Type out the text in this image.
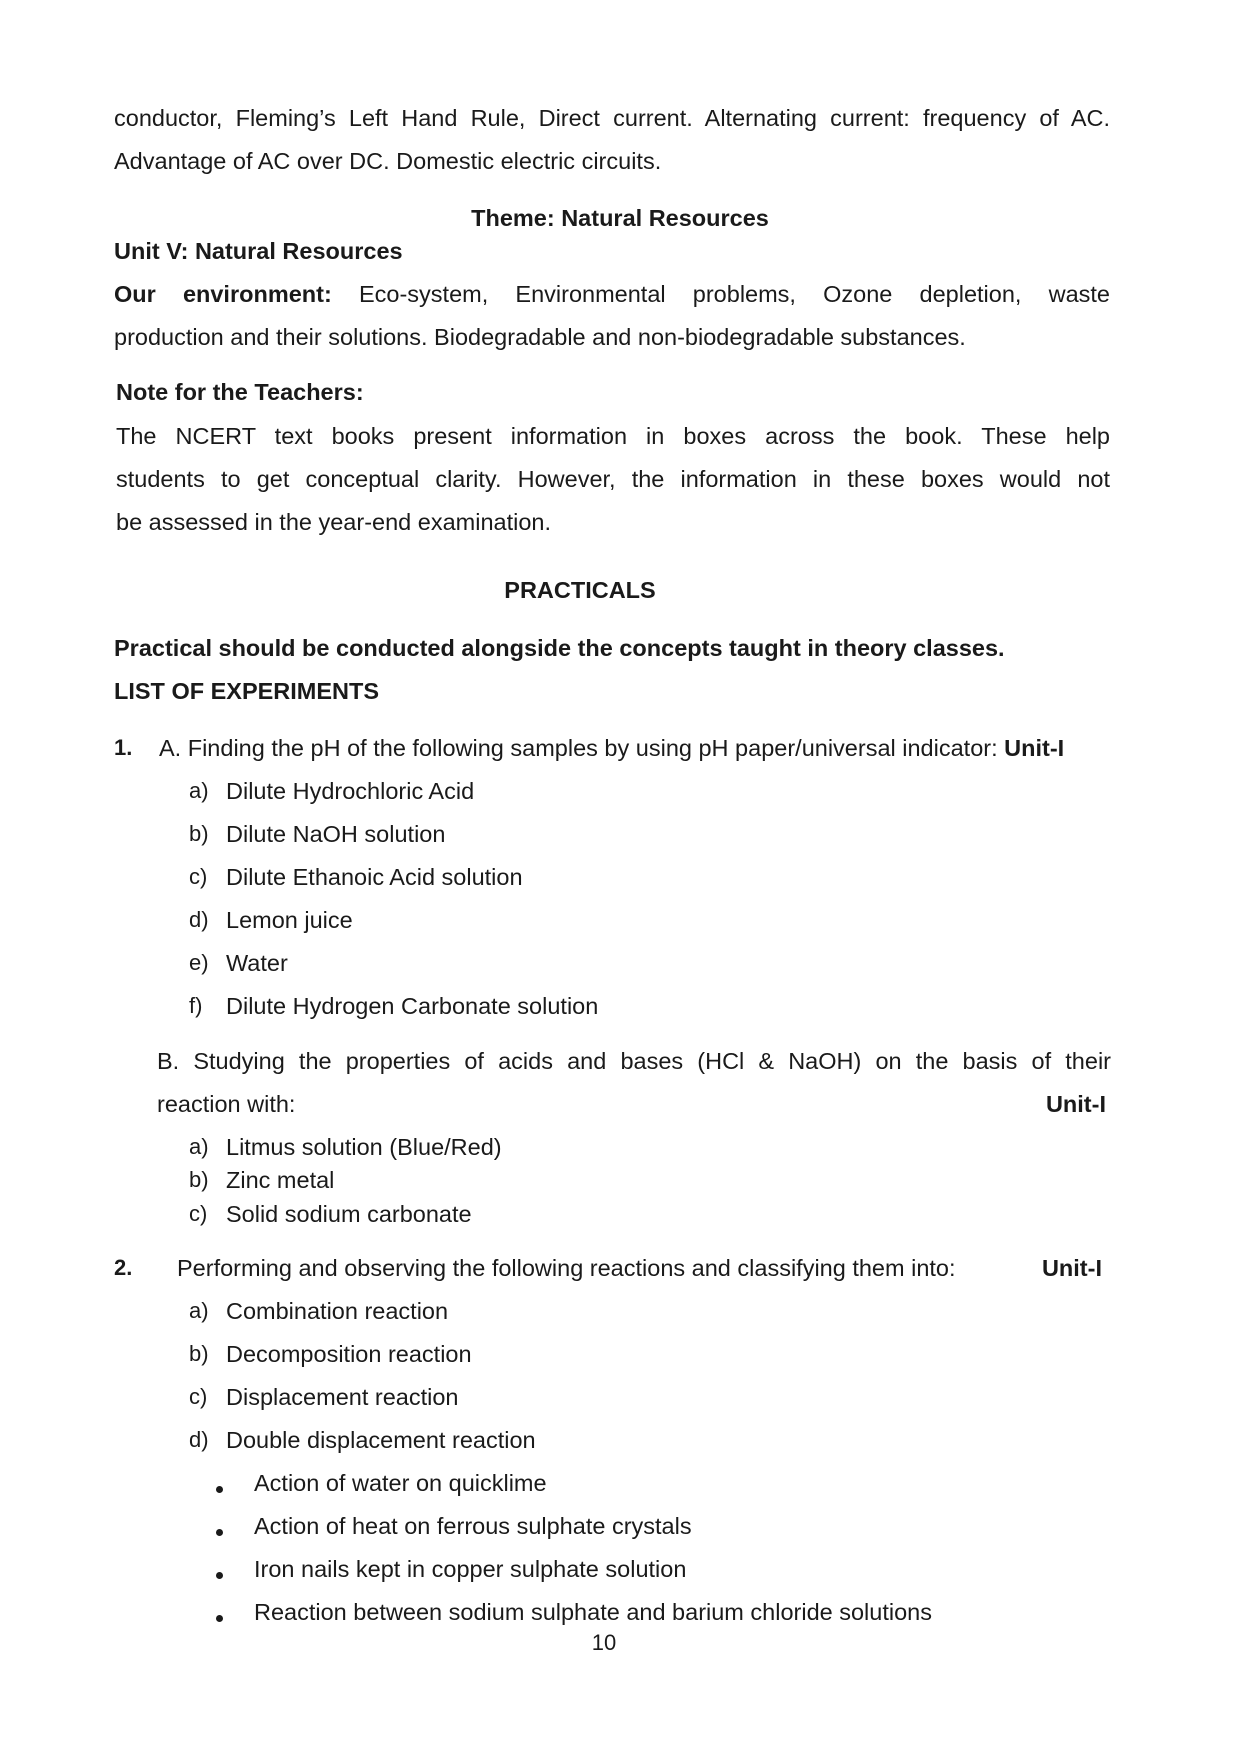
conductor, Fleming’s Left Hand Rule, Direct current. Alternating current: frequency of AC.
Advantage of AC over DC. Domestic electric circuits.
Theme: Natural Resources
Unit V: Natural Resources
Our environment: Eco-system, Environmental problems, Ozone depletion, waste
production and their solutions. Biodegradable and non-biodegradable substances.
Note for the Teachers:
The NCERT text books present information in boxes across the book. These help
students to get conceptual clarity. However, the information in these boxes would not
be assessed in the year-end examination.
PRACTICALS
Practical should be conducted alongside the concepts taught in theory classes.
LIST OF EXPERIMENTS
1. A. Finding the pH of the following samples by using pH paper/universal indicator: Unit-I
a) Dilute Hydrochloric Acid
b) Dilute NaOH solution
c) Dilute Ethanoic Acid solution
d) Lemon juice
e) Water
f) Dilute Hydrogen Carbonate solution
B. Studying the properties of acids and bases (HCl & NaOH) on the basis of their
reaction with:	Unit-I
a) Litmus solution (Blue/Red)
b) Zinc metal
c) Solid sodium carbonate
2. Performing and observing the following reactions and classifying them into:	Unit-I
a) Combination reaction
b) Decomposition reaction
c) Displacement reaction
d) Double displacement reaction
Action of water on quicklime
Action of heat on ferrous sulphate crystals
Iron nails kept in copper sulphate solution
Reaction between sodium sulphate and barium chloride solutions
10
